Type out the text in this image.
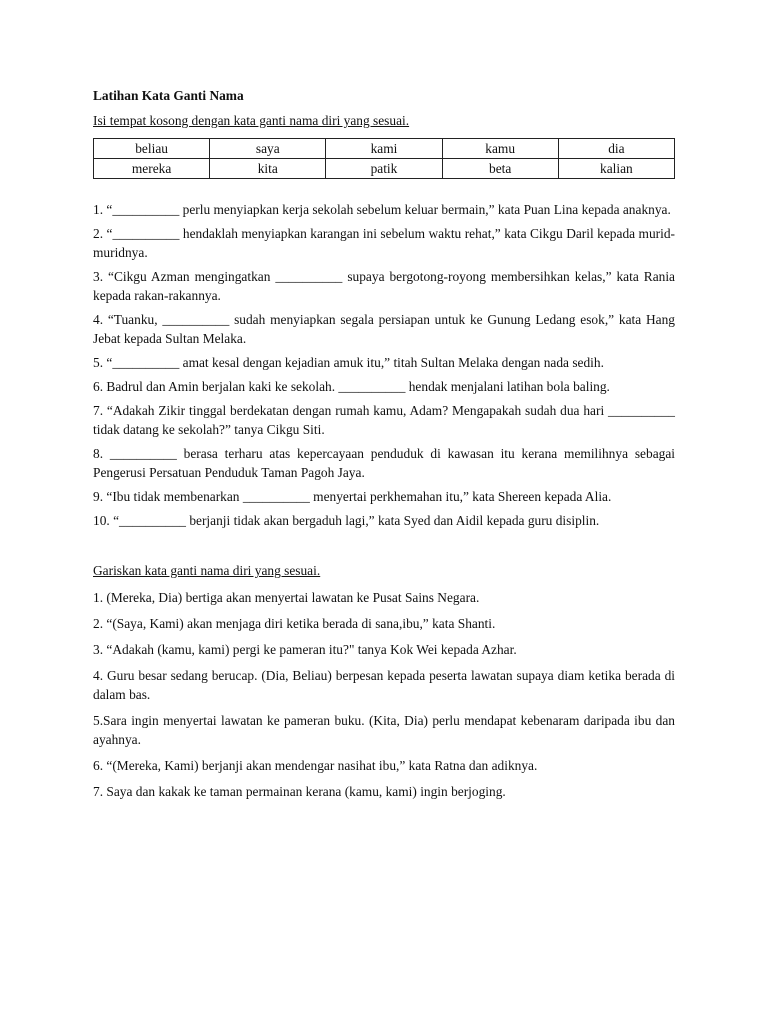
Latihan Kata Ganti Nama

Isi tempat kosong dengan kata ganti nama diri yang sesuai.

beliau	saya	kami	kamu	dia
mereka	kita	patik	beta	kalian
1. “__________ perlu menyiapkan kerja sekolah sebelum keluar bermain,” kata Puan Lina kepada anaknya.
2. “__________ hendaklah menyiapkan karangan ini sebelum waktu rehat,” kata Cikgu Daril kepada murid-muridnya.
3. “Cikgu Azman mengingatkan __________ supaya bergotong-royong membersihkan kelas,” kata Rania kepada rakan-rakannya.
4. “Tuanku, __________ sudah menyiapkan segala persiapan untuk ke Gunung Ledang esok,” kata Hang Jebat kepada Sultan Melaka.
5. “__________ amat kesal dengan kejadian amuk itu,” titah Sultan Melaka dengan nada sedih.
6. Badrul dan Amin berjalan kaki ke sekolah. __________ hendak menjalani latihan bola baling.
7. “Adakah Zikir tinggal berdekatan dengan rumah kamu, Adam? Mengapakah sudah dua hari __________ tidak datang ke sekolah?” tanya Cikgu Siti.
8. __________ berasa terharu atas kepercayaan penduduk di kawasan itu kerana memilihnya sebagai Pengerusi Persatuan Penduduk Taman Pagoh Jaya.
9. “Ibu tidak membenarkan __________ menyertai perkhemahan itu,” kata Shereen kepada Alia.
10. “__________ berjanji tidak akan bergaduh lagi,” kata Syed dan Aidil kepada guru disiplin.

Gariskan kata ganti nama diri yang sesuai.

1. (Mereka, Dia) bertiga akan menyertai lawatan ke Pusat Sains Negara.
2. “(Saya, Kami) akan menjaga diri ketika berada di sana,ibu,” kata Shanti.
3. “Adakah (kamu, kami) pergi ke pameran itu?" tanya Kok Wei kepada Azhar.
4. Guru besar sedang berucap. (Dia, Beliau) berpesan kepada peserta lawatan supaya diam ketika berada di dalam bas.
5.Sara ingin menyertai lawatan ke pameran buku. (Kita, Dia) perlu mendapat kebenaram daripada ibu dan ayahnya.
6. “(Mereka, Kami) berjanji akan mendengar nasihat ibu,” kata Ratna dan adiknya.
7. Saya dan kakak ke taman permainan kerana (kamu, kami) ingin berjoging.
